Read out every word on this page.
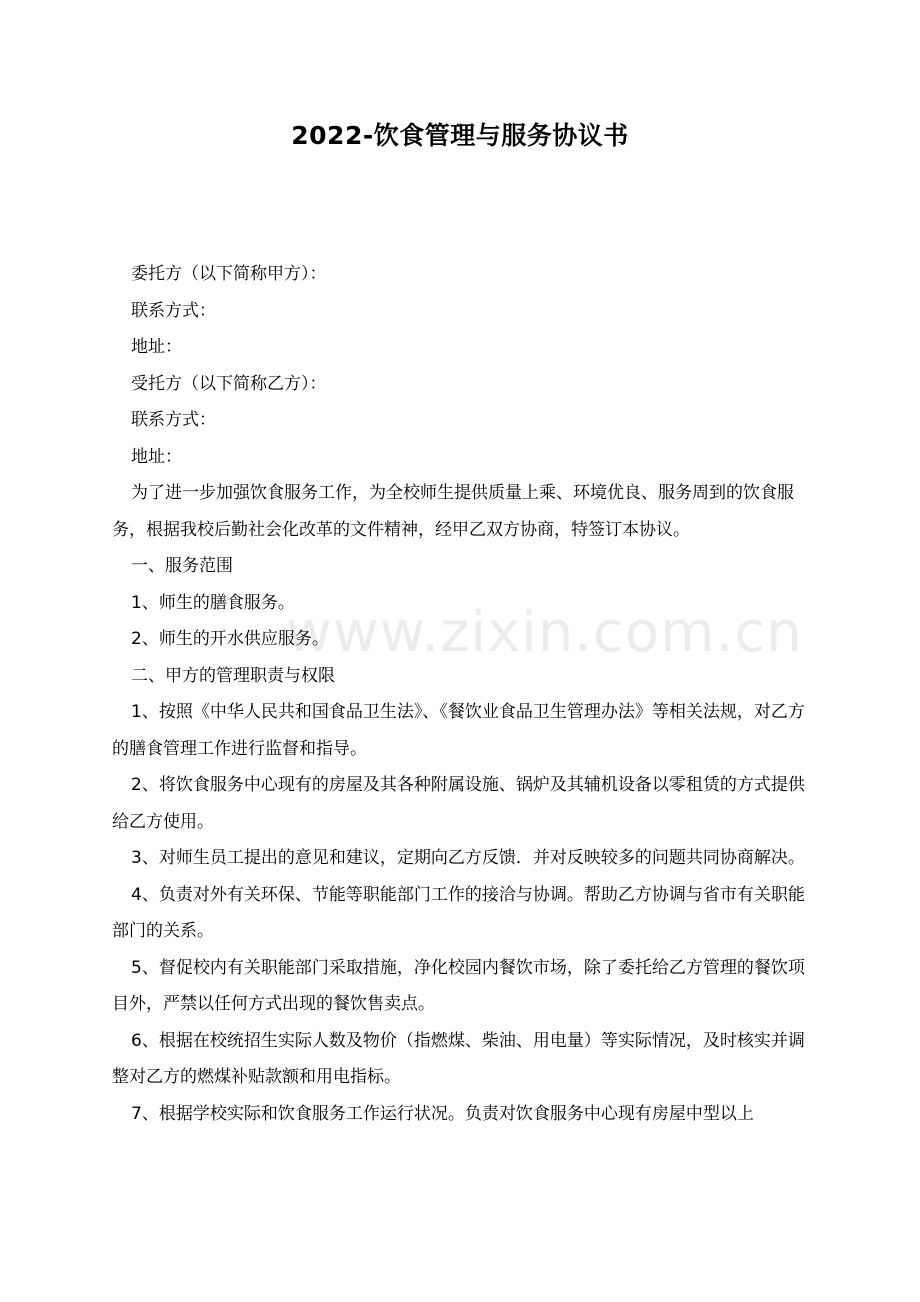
2022-饮食管理与服务协议书
www.zixin.com.cn

委托方（以下简称甲方）：

联系方式：

地址：

受托方（以下简称乙方）：

联系方式：

地址：

为了进一步加强饮食服务工作，为全校师生提供质量上乘、环境优良、服务周到的饮食服务，根据我校后勤社会化改革的文件精神，经甲乙双方协商，特签订本协议。

一、服务范围

1、师生的膳食服务。

2、师生的开水供应服务。

二、甲方的管理职责与权限

1、按照《中华人民共和国食品卫生法》、《餐饮业食品卫生管理办法》等相关法规，对乙方的膳食管理工作进行监督和指导。

2、将饮食服务中心现有的房屋及其各种附属设施、锅炉及其辅机设备以零租赁的方式提供给乙方使用。

3、对师生员工提出的意见和建议，定期向乙方反馈．并对反映较多的问题共同协商解决。

4、负责对外有关环保、节能等职能部门工作的接洽与协调。帮助乙方协调与省市有关职能部门的关系。

5、督促校内有关职能部门采取措施，净化校园内餐饮市场，除了委托给乙方管理的餐饮项目外，严禁以任何方式出现的餐饮售卖点。

6、根据在校统招生实际人数及物价（指燃煤、柴油、用电量）等实际情况，及时核实并调整对乙方的燃煤补贴款额和用电指标。

7、根据学校实际和饮食服务工作运行状况。负责对饮食服务中心现有房屋中型以上
